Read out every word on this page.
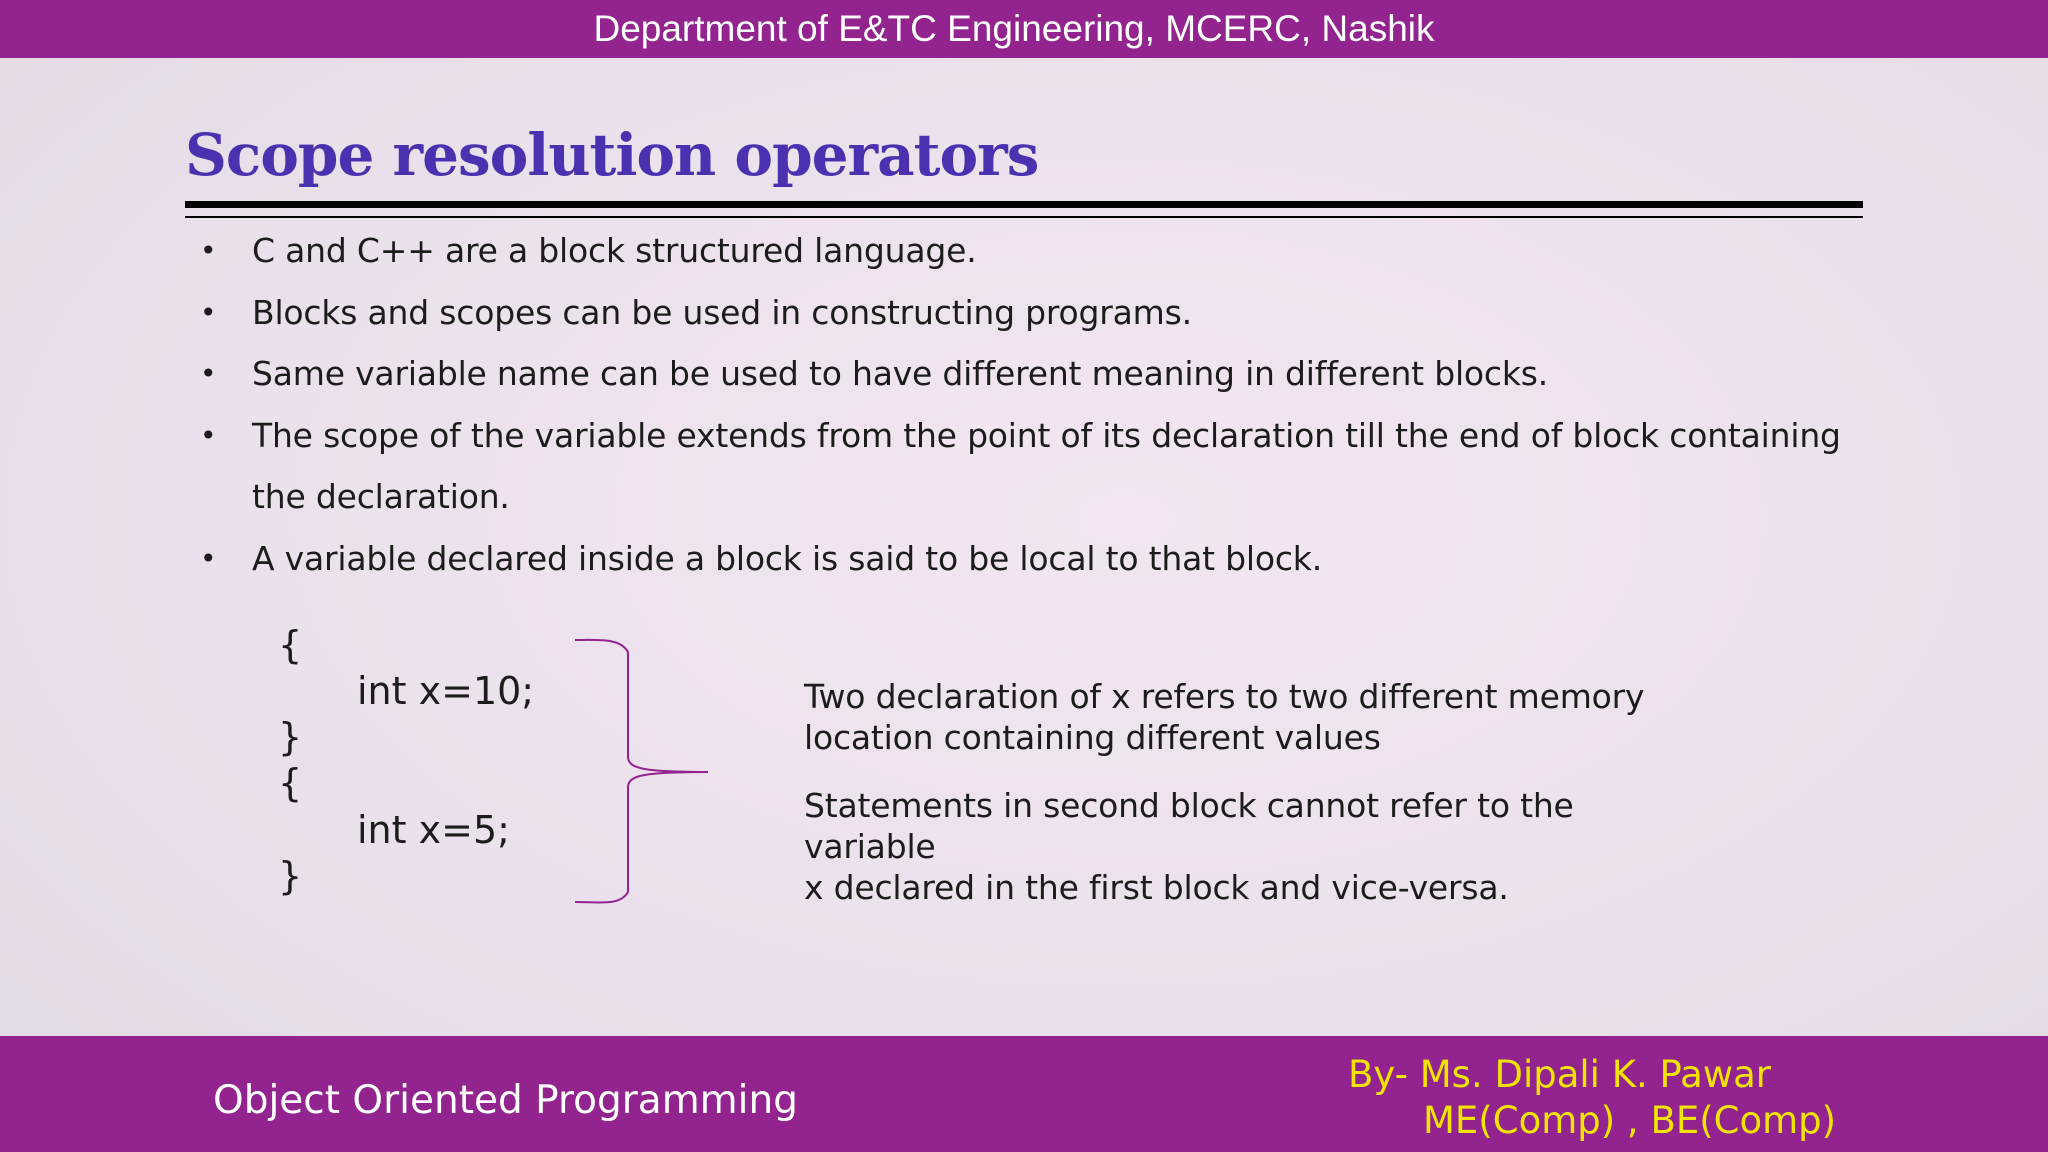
Department of E&TC Engineering, MCERC, Nashik
Scope resolution operators
• C and C++ are a block structured language.
• Blocks and scopes can be used in constructing programs.
• Same variable name can be used to have different meaning in different blocks.
• The scope of the variable extends from the point of its declaration till the end of block containing the declaration.
• A variable declared inside a block is said to be local to that block.
{
int x=10;
}
{
int x=5;
}
Two declaration of x refers to two different memory
location containing different values
Statements in second block cannot refer to the variable
x declared in the first block and vice-versa.
Object Oriented Programming
By- Ms. Dipali K. Pawar
ME(Comp) , BE(Comp)
